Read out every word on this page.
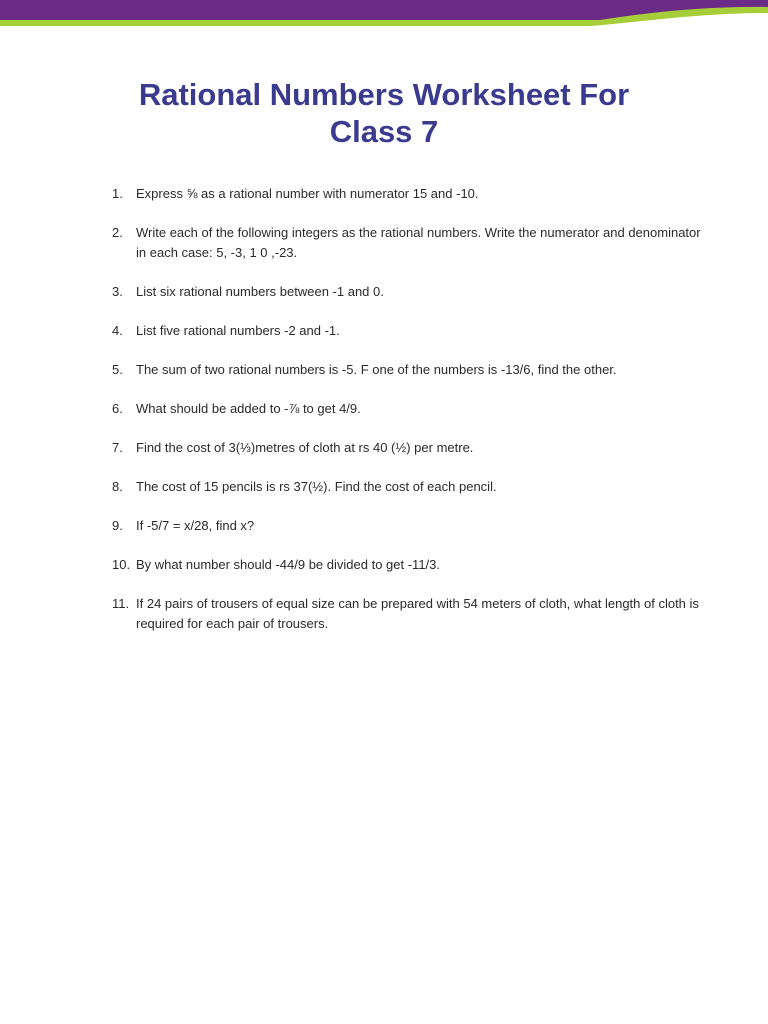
Rational Numbers Worksheet For
Class 7
1.	Express ⅝ as a rational number with numerator 15 and -10.
2.	Write each of the following integers as the rational numbers. Write the numerator and denominator in each case: 5, -3, 1 0 ,-23.
3.	List six rational numbers between -1 and 0.
4.	List five rational numbers -2 and -1.
5.	The sum of two rational numbers is -5. F one of the numbers is -13/6, find the other.
6.	What should be added to -⅞ to get 4/9.
7.	Find the cost of 3(⅓)metres of cloth at rs 40 (½) per metre.
8.	The cost of 15 pencils is rs 37(½). Find the cost of each pencil.
9.	If -5/7 = x/28, find x?
10. By what number should -44/9 be divided to get -11/3.
11. If 24 pairs of trousers of equal size can be prepared with 54 meters of cloth, what length of cloth is required for each pair of trousers.
